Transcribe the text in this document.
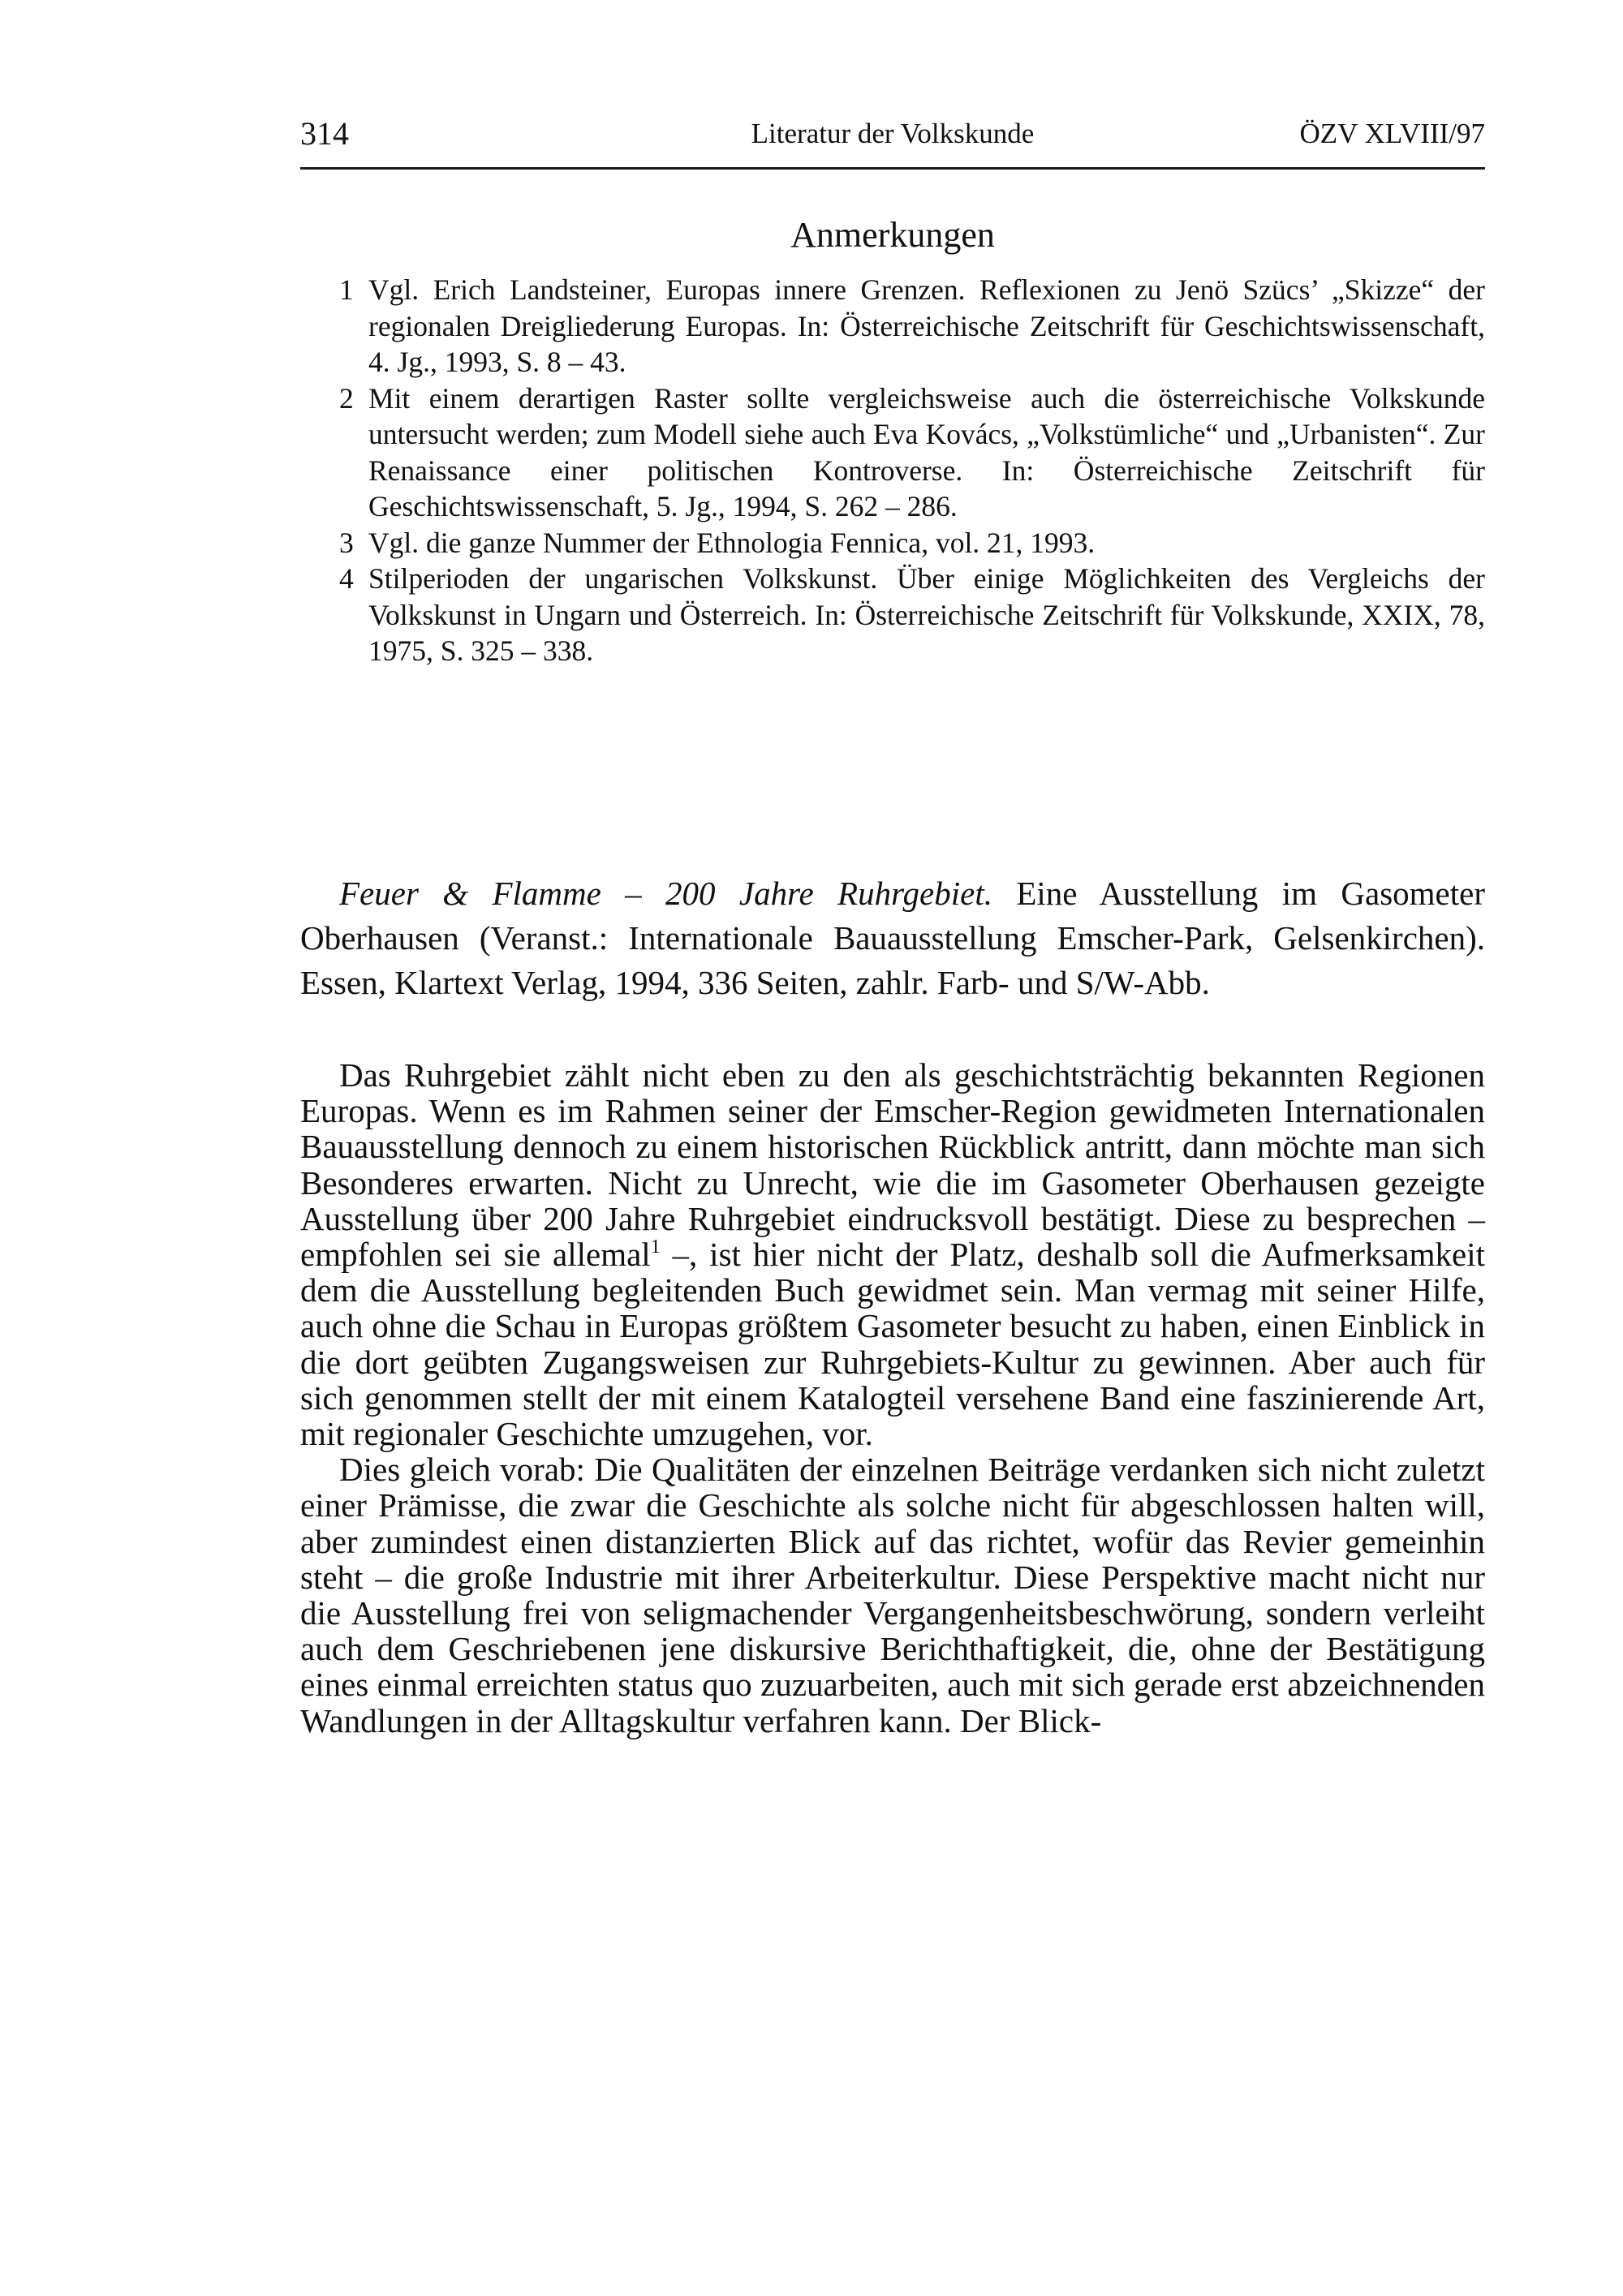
314	Literatur der Volkskunde	ÖZV XLVIII/97
Anmerkungen
1 Vgl. Erich Landsteiner, Europas innere Grenzen. Reflexionen zu Jenö Szücs’ „Skizze“ der regionalen Dreigliederung Europas. In: Österreichische Zeitschrift für Geschichtswissenschaft, 4. Jg., 1993, S. 8 – 43.
2 Mit einem derartigen Raster sollte vergleichsweise auch die österreichische Volkskunde untersucht werden; zum Modell siehe auch Eva Kovács, „Volkstümliche“ und „Urbanisten“. Zur Renaissance einer politischen Kontroverse. In: Österreichische Zeitschrift für Geschichtswissenschaft, 5. Jg., 1994, S. 262 – 286.
3 Vgl. die ganze Nummer der Ethnologia Fennica, vol. 21, 1993.
4 Stilperioden der ungarischen Volkskunst. Über einige Möglichkeiten des Vergleichs der Volkskunst in Ungarn und Österreich. In: Österreichische Zeitschrift für Volkskunde, XXIX, 78, 1975, S. 325 – 338.

Feuer & Flamme – 200 Jahre Ruhrgebiet. Eine Ausstellung im Gasometer Oberhausen (Veranst.: Internationale Bauausstellung Emscher-Park, Gelsenkirchen). Essen, Klartext Verlag, 1994, 336 Seiten, zahlr. Farb- und S/W-Abb.

Das Ruhrgebiet zählt nicht eben zu den als geschichtsträchtig bekannten Regionen Europas. Wenn es im Rahmen seiner der Emscher-Region gewidmeten Internationalen Bauausstellung dennoch zu einem historischen Rückblick antritt, dann möchte man sich Besonderes erwarten. Nicht zu Unrecht, wie die im Gasometer Oberhausen gezeigte Ausstellung über 200 Jahre Ruhrgebiet eindrucksvoll bestätigt. Diese zu besprechen – empfohlen sei sie allemal$^1$ –, ist hier nicht der Platz, deshalb soll die Aufmerksamkeit dem die Ausstellung begleitenden Buch gewidmet sein. Man vermag mit seiner Hilfe, auch ohne die Schau in Europas größtem Gasometer besucht zu haben, einen Einblick in die dort geübten Zugangsweisen zur Ruhrgebiets-Kultur zu gewinnen. Aber auch für sich genommen stellt der mit einem Katalogteil versehene Band eine faszinierende Art, mit regionaler Geschichte umzugehen, vor.

Dies gleich vorab: Die Qualitäten der einzelnen Beiträge verdanken sich nicht zuletzt einer Prämisse, die zwar die Geschichte als solche nicht für abgeschlossen halten will, aber zumindest einen distanzierten Blick auf das richtet, wofür das Revier gemeinhin steht – die große Industrie mit ihrer Arbeiterkultur. Diese Perspektive macht nicht nur die Ausstellung frei von seligmachender Vergangenheitsbeschwörung, sondern verleiht auch dem Geschriebenen jene diskursive Berichthaftigkeit, die, ohne der Bestätigung eines einmal erreichten status quo zuzuarbeiten, auch mit sich gerade erst abzeichnenden Wandlungen in der Alltagskultur verfahren kann. Der Blick-
